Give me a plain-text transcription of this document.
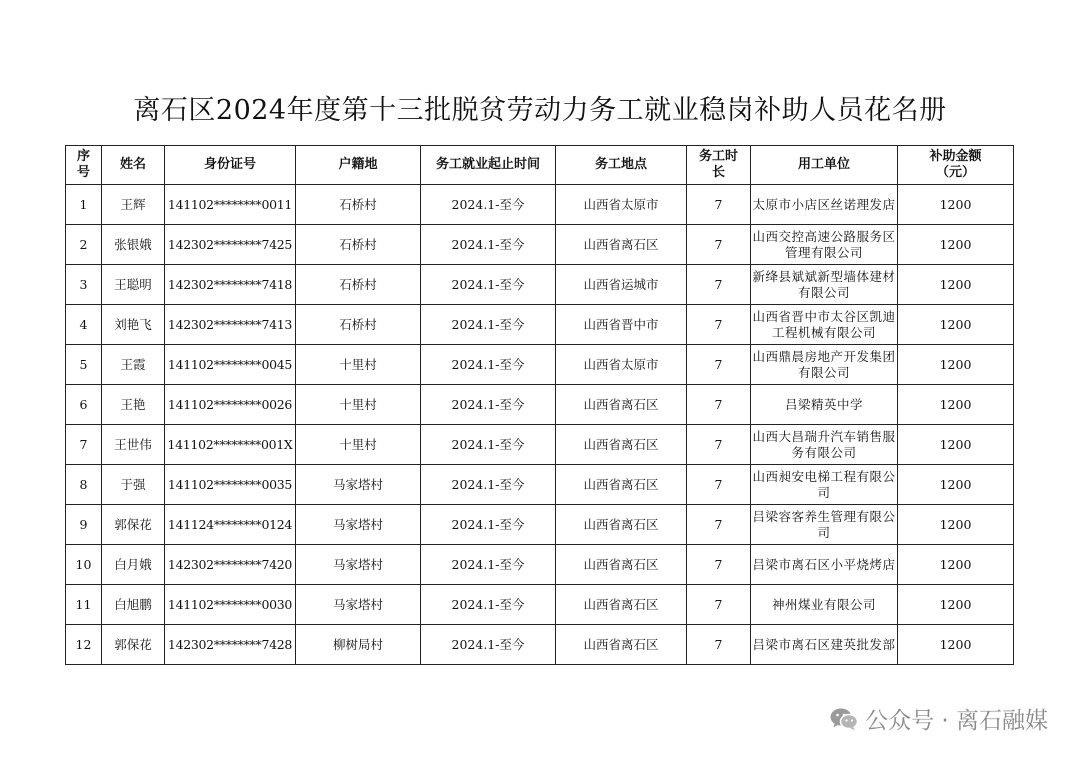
离石区2024年度第十三批脱贫劳动力务工就业稳岗补助人员花名册
序号	姓名	身份证号	户籍地	务工就业起止时间	务工地点	务工时长	用工单位	补助金额（元）
1	王辉	141102********0011	石桥村	2024.1-至今	山西省太原市	7	太原市小店区丝诺理发店	1200
2	张银娥	142302********7425	石桥村	2024.1-至今	山西省离石区	7	山西交控高速公路服务区管理有限公司	1200
3	王聪明	142302********7418	石桥村	2024.1-至今	山西省运城市	7	新绛县斌斌新型墙体建材有限公司	1200
4	刘艳飞	142302********7413	石桥村	2024.1-至今	山西省晋中市	7	山西省晋中市太谷区凯迪工程机械有限公司	1200
5	王霞	141102********0045	十里村	2024.1-至今	山西省太原市	7	山西鼎晨房地产开发集团有限公司	1200
6	王艳	141102********0026	十里村	2024.1-至今	山西省离石区	7	吕梁精英中学	1200
7	王世伟	141102********001X	十里村	2024.1-至今	山西省离石区	7	山西大昌瑞升汽车销售服务有限公司	1200
8	于强	141102********0035	马家塔村	2024.1-至今	山西省离石区	7	山西昶安电梯工程有限公司	1200
9	郭保花	141124********0124	马家塔村	2024.1-至今	山西省离石区	7	吕梁容客养生管理有限公司	1200
10	白月娥	142302********7420	马家塔村	2024.1-至今	山西省离石区	7	吕梁市离石区小平烧烤店	1200
11	白旭鹏	141102********0030	马家塔村	2024.1-至今	山西省离石区	7	神州煤业有限公司	1200
12	郭保花	142302********7428	柳树局村	2024.1-至今	山西省离石区	7	吕梁市离石区建英批发部	1200
公众号 · 离石融媒
